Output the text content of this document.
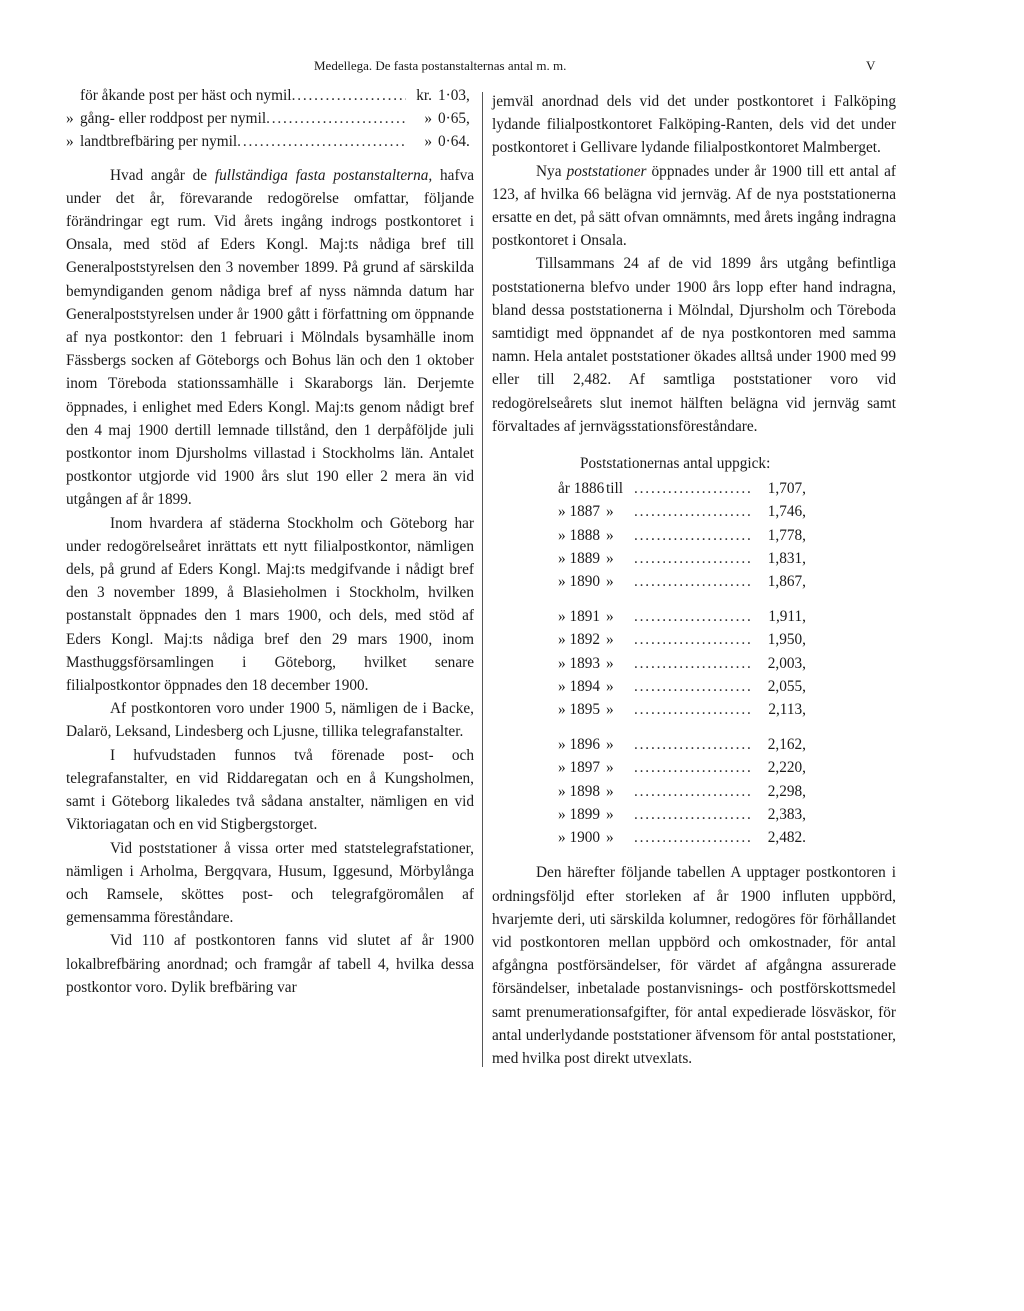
Medellega. De fasta postanstalternas antal m. m.	V
för åkande post per häst och nymil . . .	kr. 1·03,
» gång- eller roddpost per nymil . . .	» 0·65,
» landtbrefbäring per nymil . . .	» 0·64.

Hvad angår de fullständiga fasta postanstalterna, hafva under det år, förevarande redogörelse omfattar, följande förändringar egt rum. Vid årets ingång indrogs postkontoret i Onsala, med stöd af Eders Kongl. Maj:ts nådiga bref till Generalpoststyrelsen den 3 november 1899. På grund af särskilda bemyndiganden genom nådiga bref af nyss nämnda datum har Generalpoststyrelsen under år 1900 gått i författning om öppnande af nya postkontor: den 1 februari i Mölndals bysamhälle inom Fässbergs socken af Göteborgs och Bohus län och den 1 oktober inom Töreboda stationssamhälle i Skaraborgs län. Derjemte öppnades, i enlighet med Eders Kongl. Maj:ts genom nådigt bref den 4 maj 1900 dertill lemnade tillstånd, den 1 derpåföljde juli postkontor inom Djursholms villastad i Stockholms län. Antalet postkontor utgjorde vid 1900 års slut 190 eller 2 mera än vid utgången af år 1899.

Inom hvardera af städerna Stockholm och Göteborg har under redogörelseåret inrättats ett nytt filialpostkontor, nämligen dels, på grund af Eders Kongl. Maj:ts medgifvande i nådigt bref den 3 november 1899, å Blasieholmen i Stockholm, hvilken postanstalt öppnades den 1 mars 1900, och dels, med stöd af Eders Kongl. Maj:ts nådiga bref den 29 mars 1900, inom Masthuggsförsamlingen i Göteborg, hvilket senare filialpostkontor öppnades den 18 december 1900.

Af postkontoren voro under 1900 5, nämligen de i Backe, Dalarö, Leksand, Lindesberg och Ljusne, tillika telegrafanstalter.

I hufvudstaden funnos två förenade post- och telegrafanstalter, en vid Riddaregatan och en å Kungsholmen, samt i Göteborg likaledes två sådana anstalter, nämligen en vid Viktoriagatan och en vid Stigbergstorget.

Vid poststationer å vissa orter med statstelegrafstationer, nämligen i Arholma, Bergqvara, Husum, Iggesund, Mörbylånga och Ramsele, sköttes post- och telegrafgöromålen af gemensamma föreståndare.

Vid 110 af postkontoren fanns vid slutet af år 1900 lokalbrefbäring anordnad; och framgår af tabell 4, hvilka dessa postkontor voro. Dylik brefbäring var

jemväl anordnad dels vid det under postkontoret i Falköping lydande filialpostkontoret Falköping-Ranten, dels vid det under postkontoret i Gellivare lydande filialpostkontoret Malmberget.

Nya poststationer öppnades under år 1900 till ett antal af 123, af hvilka 66 belägna vid jernväg. Af de nya poststationerna ersatte en det, på sätt ofvan omnämnts, med årets ingång indragna postkontoret i Onsala.

Tillsammans 24 af de vid 1899 års utgång befintliga poststationerna blefvo under 1900 års lopp efter hand indragna, bland dessa poststationerna i Mölndal, Djursholm och Töreboda samtidigt med öppnandet af de nya postkontoren med samma namn. Hela antalet poststationer ökades alltså under 1900 med 99 eller till 2,482. Af samtliga poststationer voro vid redogörelseårets slut inemot hälften belägna vid jernväg samt förvaltades af jernvägsstationsföreståndare.

Poststationernas antal uppgick:
år 1886 till . . .	1,707,
» 1887 » . . .	1,746,
» 1888 » . . .	1,778,
» 1889 » . . .	1,831,
» 1890 » . . .	1,867,
» 1891 » . . .	1,911,
» 1892 » . . .	1,950,
» 1893 » . . .	2,003,
» 1894 » . . .	2,055,
» 1895 » . . .	2,113,
» 1896 » . . .	2,162,
» 1897 » . . .	2,220,
» 1898 » . . .	2,298,
» 1899 » . . .	2,383,
» 1900 » . . .	2,482.

Den härefter följande tabellen A upptager postkontoren i ordningsföljd efter storleken af år 1900 influten uppbörd, hvarjemte deri, uti särskilda kolumner, redogöres för förhållandet vid postkontoren mellan uppbörd och omkostnader, för antal afgångna postförsändelser, för värdet af afgångna assurerade försändelser, inbetalade postanvisnings- och postförskottsmedel samt prenumerationsafgifter, för antal expedierade lösväskor, för antal underlydande poststationer äfvensom för antal poststationer, med hvilka post direkt utvexlats.
